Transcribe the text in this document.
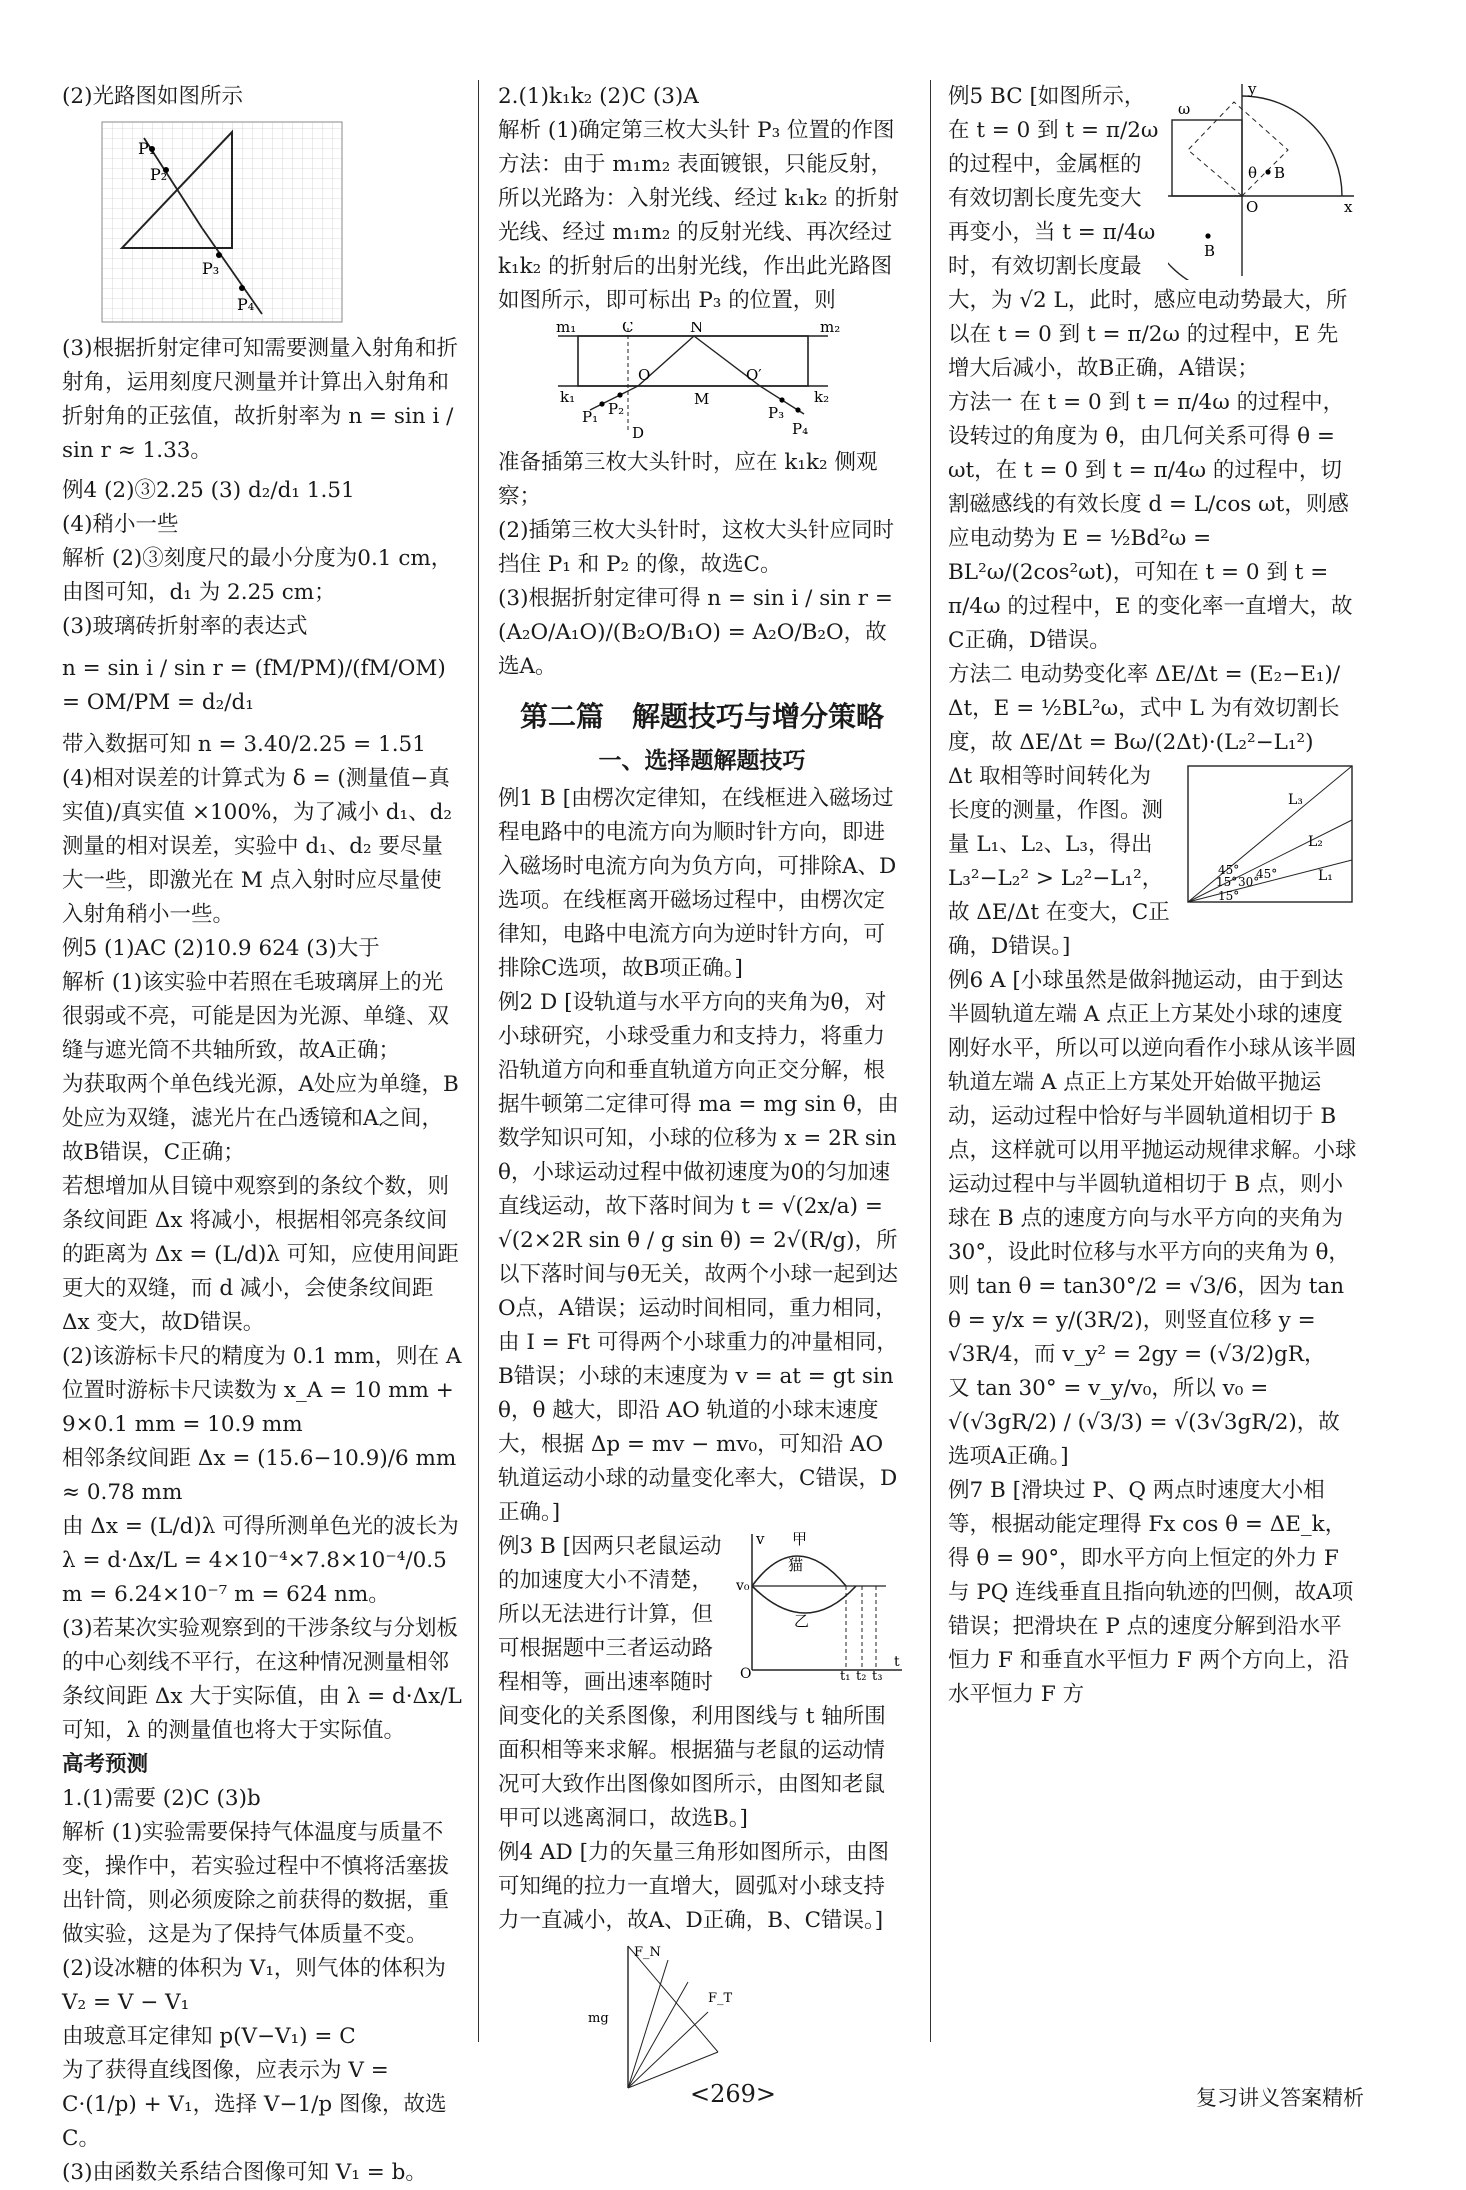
(2)光路图如图所示

P₁
P₂
P₃
P₄

(3)根据折射定律可知需要测量入射角和折射角，运用刻度尺测量并计算出入射角和折射角的正弦值，故折射率为 n = sin i / sin r ≈ 1.33。

例4 (2)③2.25 (3) d₂/d₁ 1.51

(4)稍小一些

解析 (2)③刻度尺的最小分度为0.1 cm，由图可知，d₁ 为 2.25 cm；

(3)玻璃砖折射率的表达式

n = sin i / sin r = (fM/PM)/(fM/OM) = OM/PM = d₂/d₁

带入数据可知 n = 3.40/2.25 = 1.51

(4)相对误差的计算式为 δ = (测量值−真实值)/真实值 ×100%，为了减小 d₁、d₂ 测量的相对误差，实验中 d₁、d₂ 要尽量大一些，即激光在 M 点入射时应尽量使入射角稍小一些。

例5 (1)AC (2)10.9 624 (3)大于

解析 (1)该实验中若照在毛玻璃屏上的光很弱或不亮，可能是因为光源、单缝、双缝与遮光筒不共轴所致，故A正确；

为获取两个单色线光源，A处应为单缝，B处应为双缝，滤光片在凸透镜和A之间，故B错误，C正确；

若想增加从目镜中观察到的条纹个数，则条纹间距 Δx 将减小，根据相邻亮条纹间的距离为 Δx = (L/d)λ 可知，应使用间距更大的双缝，而 d 减小，会使条纹间距 Δx 变大，故D错误。

(2)该游标卡尺的精度为 0.1 mm，则在 A 位置时游标卡尺读数为 x_A = 10 mm + 9×0.1 mm = 10.9 mm

相邻条纹间距 Δx = (15.6−10.9)/6 mm ≈ 0.78 mm

由 Δx = (L/d)λ 可得所测单色光的波长为

λ = d·Δx/L = 4×10⁻⁴×7.8×10⁻⁴/0.5 m = 6.24×10⁻⁷ m = 624 nm。

(3)若某次实验观察到的干涉条纹与分划板的中心刻线不平行，在这种情况测量相邻条纹间距 Δx 大于实际值，由 λ = d·Δx/L 可知，λ 的测量值也将大于实际值。

高考预测

1.(1)需要 (2)C (3)b

解析 (1)实验需要保持气体温度与质量不变，操作中，若实验过程中不慎将活塞拔出针筒，则必须废除之前获得的数据，重做实验，这是为了保持气体质量不变。

(2)设冰糖的体积为 V₁，则气体的体积为 V₂ = V − V₁

由玻意耳定律知 p(V−V₁) = C

为了获得直线图像，应表示为 V = C·(1/p) + V₁，选择 V−1/p 图像，故选C。

(3)由函数关系结合图像可知 V₁ = b。

2.(1)k₁k₂ (2)C (3)A

解析 (1)确定第三枚大头针 P₃ 位置的作图方法：由于 m₁m₂ 表面镀银，只能反射，所以光路为：入射光线、经过 k₁k₂ 的折射光线、经过 m₁m₂ 的反射光线、再次经过 k₁k₂ 的折射后的出射光线，作出此光路图如图所示，即可标出 P₃ 的位置，则

m₁	m₂
C	N
k₁	k₂
O	O′
M
P₁ P₂	P₃
P₄
D

准备插第三枚大头针时，应在 k₁k₂ 侧观察；

(2)插第三枚大头针时，这枚大头针应同时挡住 P₁ 和 P₂ 的像，故选C。

(3)根据折射定律可得 n = sin i / sin r = (A₂O/A₁O)/(B₂O/B₁O) = A₂O/B₂O，故选A。

第二篇　解题技巧与增分策略
一、选择题解题技巧

例1 B [由楞次定律知，在线框进入磁场过程电路中的电流方向为顺时针方向，即进入磁场时电流方向为负方向，可排除A、D选项。在线框离开磁场过程中，由楞次定律知，电路中电流方向为逆时针方向，可排除C选项，故B项正确。]

例2 D [设轨道与水平方向的夹角为θ，对小球研究，小球受重力和支持力，将重力沿轨道方向和垂直轨道方向正交分解，根据牛顿第二定律可得 ma = mg sin θ，由数学知识可知，小球的位移为 x = 2R sin θ，小球运动过程中做初速度为0的匀加速直线运动，故下落时间为 t = √(2x/a) = √(2×2R sin θ / g sin θ) = 2√(R/g)，所以下落时间与θ无关，故两个小球一起到达O点，A错误；运动时间相同，重力相同，由 I = Ft 可得两个小球重力的冲量相同，B错误；小球的末速度为 v = at = gt sin θ，θ 越大，即沿 AO 轨道的小球末速度大，根据 Δp = mv − mv₀，可知沿 AO 轨道运动小球的动量变化率大，C错误，D正确。]

v 甲
猫
v₀
乙
O	t₁ t₂ t₃
t

例3 B [因两只老鼠运动的加速度大小不清楚，所以无法进行计算，但可根据题中三者运动路程相等，画出速率随时间变化的关系图像，利用图线与 t 轴所围面积相等来求解。根据猫与老鼠的运动情况可大致作出图像如图所示，由图知老鼠甲可以逃离洞口，故选B。]

例4 AD [力的矢量三角形如图所示，由图可知绳的拉力一直增大，圆弧对小球支持力一直减小，故A、D正确，B、C错误。]

F_N
mg
F_T
y
x
O
ω
θ B
B

例5 BC [如图所示，在 t = 0 到 t = π/2ω 的过程中，金属框的有效切割长度先变大再变小，当 t = π/4ω 时，有效切割长度最大，为 √2 L，此时，感应电动势最大，所以在 t = 0 到 t = π/2ω 的过程中，E 先增大后减小，故B正确，A错误；

方法一 在 t = 0 到 t = π/4ω 的过程中，设转过的角度为 θ，由几何关系可得 θ = ωt，在 t = 0 到 t = π/4ω 的过程中，切割磁感线的有效长度 d = L/cos ωt，则感应电动势为 E = ½Bd²ω = BL²ω/(2cos²ωt)，可知在 t = 0 到 t = π/4ω 的过程中，E 的变化率一直增大，故C正确，D错误。

方法二 电动势变化率 ΔE/Δt = (E₂−E₁)/Δt，E = ½BL²ω，式中 L 为有效切割长度，故 ΔE/Δt = Bω/(2Δt)·(L₂²−L₁²)

L₃
L₂
L₁
45°
15° 30°
15°
45°

Δt 取相等时间转化为长度的测量，作图。测量 L₁、L₂、L₃，得出 L₃²−L₂² > L₂²−L₁²，故 ΔE/Δt 在变大，C正确，D错误。]

例6 A [小球虽然是做斜抛运动，由于到达半圆轨道左端 A 点正上方某处小球的速度刚好水平，所以可以逆向看作小球从该半圆轨道左端 A 点正上方某处开始做平抛运动，运动过程中恰好与半圆轨道相切于 B 点，这样就可以用平抛运动规律求解。小球运动过程中与半圆轨道相切于 B 点，则小球在 B 点的速度方向与水平方向的夹角为 30°，设此时位移与水平方向的夹角为 θ，则 tan θ = tan30°/2 = √3/6，因为 tan θ = y/x = y/(3R/2)，则竖直位移 y = √3R/4，而 v_y² = 2gy = (√3/2)gR，

又 tan 30° = v_y/v₀，所以 v₀ = √(√3gR/2) / (√3/3) = √(3√3gR/2)，故选项A正确。]

例7 B [滑块过 P、Q 两点时速度大小相等，根据动能定理得 Fx cos θ = ΔE_k，得 θ = 90°，即水平方向上恒定的外力 F 与 PQ 连线垂直且指向轨迹的凹侧，故A项错误；把滑块在 P 点的速度分解到沿水平恒力 F 和垂直水平恒力 F 两个方向上，沿水平恒力 F 方

<269>	复习讲义答案精析
